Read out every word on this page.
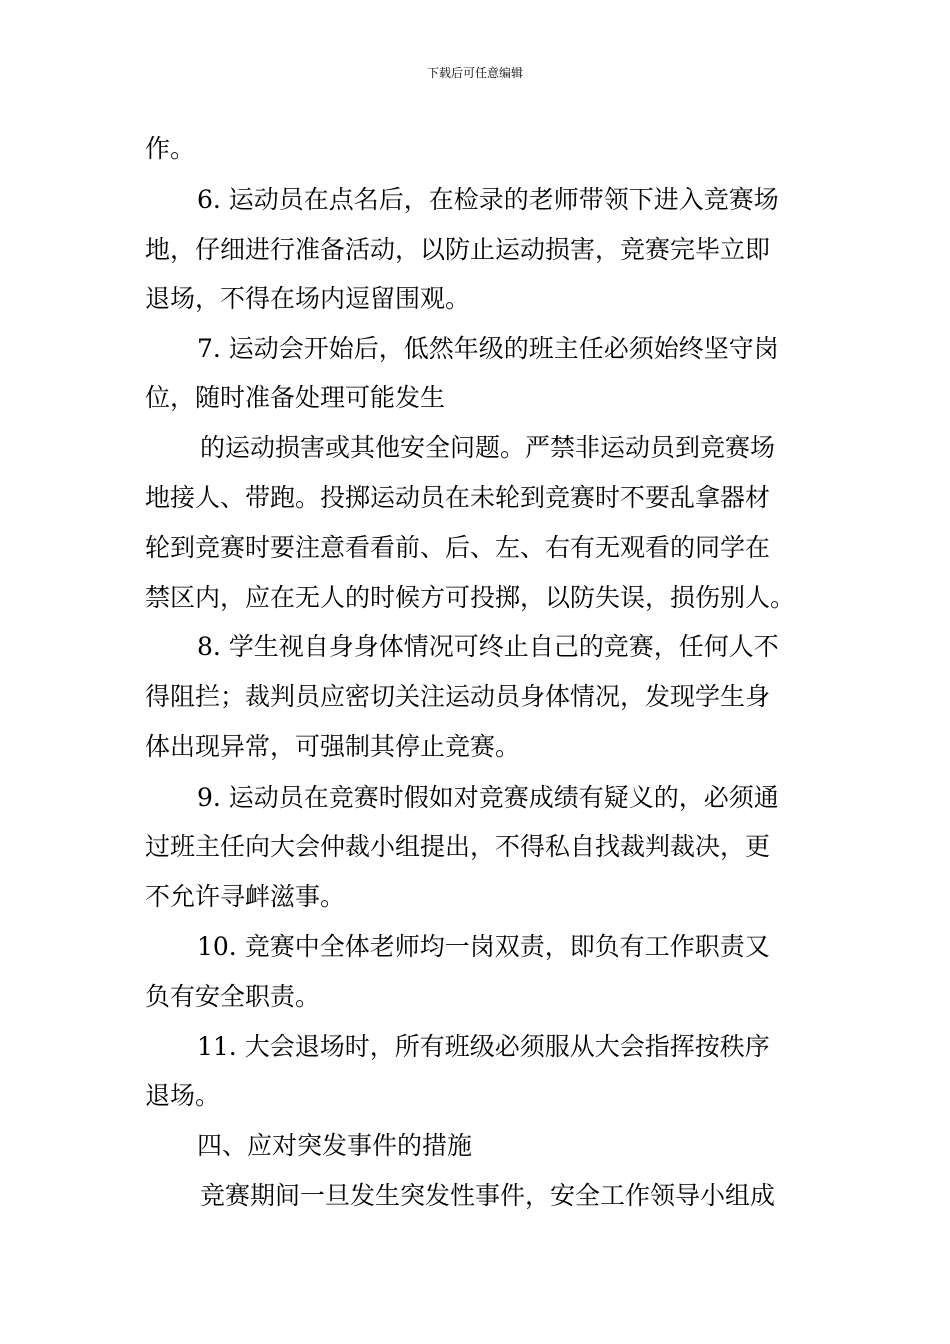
下载后可任意编辑
作。
6. 运动员在点名后，在检录的老师带领下进入竞赛场
地，仔细进行准备活动，以防止运动损害，竞赛完毕立即
退场，不得在场内逗留围观。
7. 运动会开始后，低然年级的班主任必须始终坚守岗
位，随时准备处理可能发生
的运动损害或其他安全问题。严禁非运动员到竞赛场
地接人、带跑。投掷运动员在未轮到竞赛时不要乱拿器材
轮到竞赛时要注意看看前、后、左、右有无观看的同学在
禁区内，应在无人的时候方可投掷，以防失误，损伤别人。
8. 学生视自身身体情况可终止自己的竞赛，任何人不
得阻拦；裁判员应密切关注运动员身体情况，发现学生身
体出现异常，可强制其停止竞赛。
9. 运动员在竞赛时假如对竞赛成绩有疑义的，必须通
过班主任向大会仲裁小组提出，不得私自找裁判裁决，更
不允许寻衅滋事。
10. 竞赛中全体老师均一岗双责，即负有工作职责又
负有安全职责。
11. 大会退场时，所有班级必须服从大会指挥按秩序
退场。
四、应对突发事件的措施
竞赛期间一旦发生突发性事件，安全工作领导小组成
